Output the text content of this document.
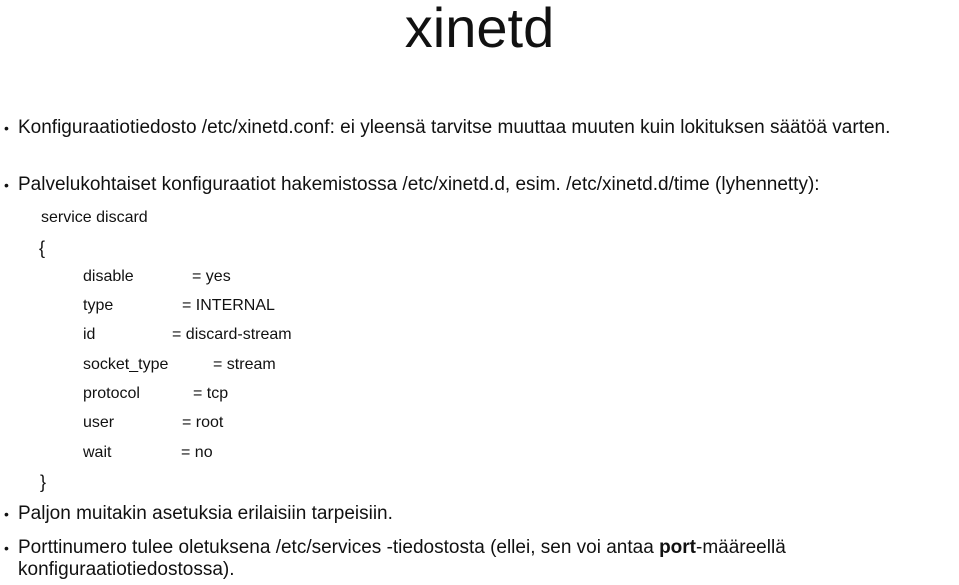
xinetd
• Konfiguraatiotiedosto /etc/xinetd.conf: ei yleensä tarvitse muuttaa muuten kuin lokituksen säätöä varten.
• Palvelukohtaiset konfiguraatiot hakemistossa /etc/xinetd.d, esim. /etc/xinetd.d/time (lyhennetty):
service discard
{
disable	= yes
type	= INTERNAL
id	= discard-stream
socket_type	= stream
protocol	= tcp
user	= root
wait	= no
}
• Paljon muitakin asetuksia erilaisiin tarpeisiin.
• Porttinumero tulee oletuksena /etc/services -tiedostosta (ellei, sen voi antaa port-määreellä konfiguraatiotiedostossa).
